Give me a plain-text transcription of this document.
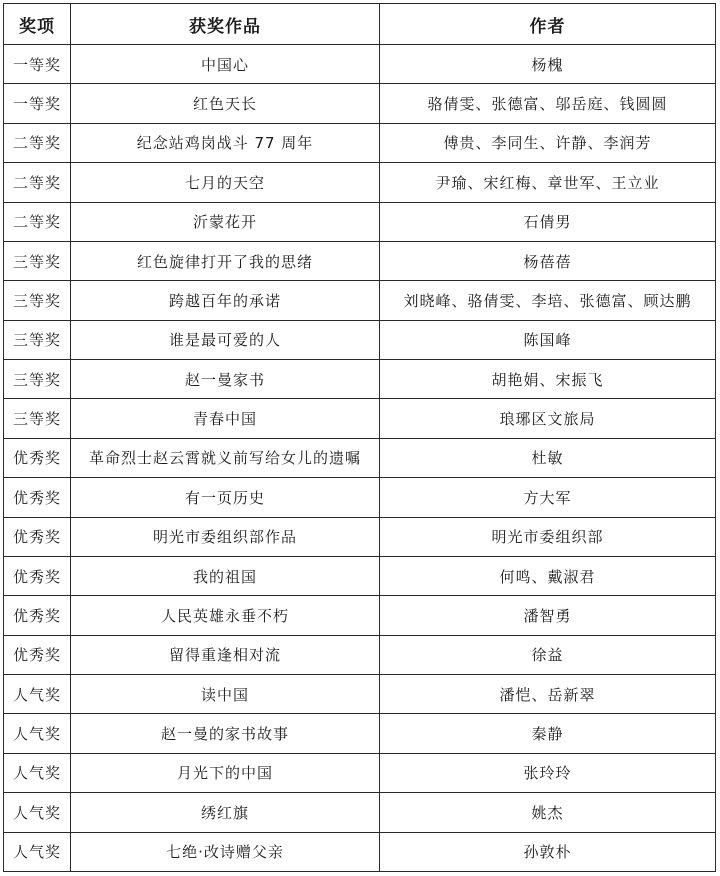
奖项	获奖作品	作者
一等奖	中国心	杨槐
一等奖	红色天长	骆倩雯、张德富、邬岳庭、钱圆圆
二等奖	纪念站鸡岗战斗 77 周年	傅贵、李同生、许静、李润芳
二等奖	七月的天空	尹瑜、宋红梅、章世军、王立业
二等奖	沂蒙花开	石倩男
三等奖	红色旋律打开了我的思绪	杨蓓蓓
三等奖	跨越百年的承诺	刘晓峰、骆倩雯、李培、张德富、顾达鹏
三等奖	谁是最可爱的人	陈国峰
三等奖	赵一曼家书	胡艳娟、宋振飞
三等奖	青春中国	琅琊区文旅局
优秀奖	革命烈士赵云霄就义前写给女儿的遗嘱	杜敏
优秀奖	有一页历史	方大军
优秀奖	明光市委组织部作品	明光市委组织部
优秀奖	我的祖国	何鸣、戴淑君
优秀奖	人民英雄永垂不朽	潘智勇
优秀奖	留得重逢相对流	徐益
人气奖	读中国	潘恺、岳新翠
人气奖	赵一曼的家书故事	秦静
人气奖	月光下的中国	张玲玲
人气奖	绣红旗	姚杰
人气奖	七绝·改诗赠父亲	孙敦朴
